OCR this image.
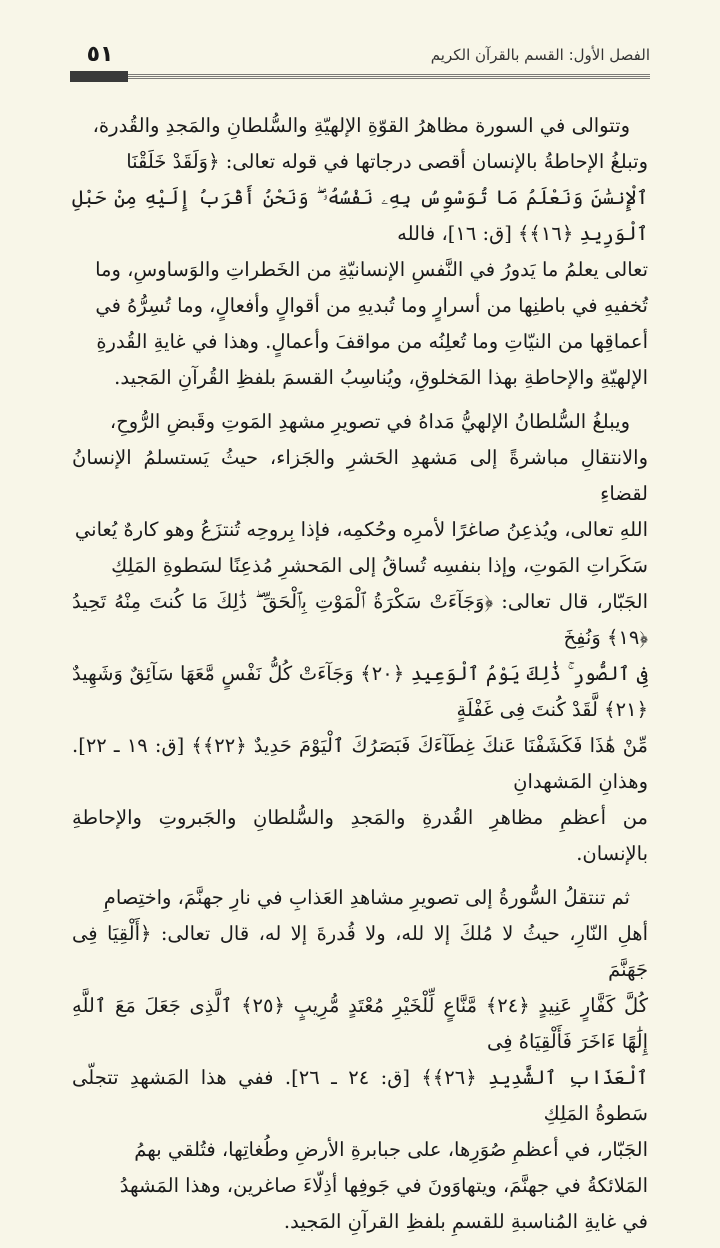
الفصل الأول: القسم بالقرآن الكريم
٥١

وتتوالى في السورة مظاهرُ القوّةِ الإلهيّةِ والسُّلطانِ والمَجدِ والقُدرة،
وتبلغُ الإحاطةُ بالإنسان أقصى درجاتها في قوله تعالى: ﴿وَلَقَدْ خَلَقْنَا
ٱلْإِنسَٰنَ وَنَعْلَمُ مَا تُوَسْوِسُ بِهِۦ نَفْسُهُۥ ۖ وَنَحْنُ أَقْرَبُ إِلَيْهِ مِنْ حَبْلِ ٱلْوَرِيدِ ﴿١٦﴾﴾ [ق: ١٦]، فالله
تعالى يعلمُ ما يَدورُ في النَّفسِ الإنسانيّةِ من الخَطراتِ والوَساوسِ، وما
تُخفيهِ في باطنِها من أسرارٍ وما تُبديهِ من أقوالٍ وأفعالٍ، وما تُسِرُّهُ في
أعماقِها من النيّاتِ وما تُعلِنُه من مواقفَ وأعمالٍ. وهذا في غايةِ القُدرةِ
الإلهيّةِ والإحاطةِ بهذا المَخلوقِ، ويُناسِبُ القسمَ بلفظِ القُرآنِ المَجيد.

ويبلغُ السُّلطانُ الإلهيُّ مَداهُ في تصويرِ مشهدِ المَوتِ وقَبضِ الرُّوحِ،
والانتقالِ مباشرةً إلى مَشهدِ الحَشرِ والجَزاء، حيثُ يَستسلمُ الإنسانُ لقضاءِ
اللهِ تعالى، ويُذعِنُ صاغرًا لأمرِه وحُكمِه، فإذا بِروحِه تُنتزَعُ وهو كارهٌ يُعاني
سَكَراتِ المَوتِ، وإذا بنفسِه تُساقُ إلى المَحشرِ مُذعِنًا لسَطوةِ المَلِكِ
الجَبّار، قال تعالى: ﴿وَجَآءَتْ سَكْرَةُ ٱلْمَوْتِ بِٱلْحَقِّ ۖ ذَٰلِكَ مَا كُنتَ مِنْهُ تَحِيدُ ﴿١٩﴾ وَنُفِخَ
فِى ٱلصُّورِ ۚ ذَٰلِكَ يَوْمُ ٱلْوَعِيدِ ﴿٢٠﴾ وَجَآءَتْ كُلُّ نَفْسٍ مَّعَهَا سَآئِقٌ وَشَهِيدٌ ﴿٢١﴾ لَّقَدْ كُنتَ فِى غَفْلَةٍ
مِّنْ هَٰذَا فَكَشَفْنَا عَنكَ غِطَآءَكَ فَبَصَرُكَ ٱلْيَوْمَ حَدِيدٌ ﴿٢٢﴾﴾ [ق: ١٩ ـ ٢٢]. وهذانِ المَشهدانِ
من أعظمِ مظاهرِ القُدرةِ والمَجدِ والسُّلطانِ والجَبروتِ والإحاطةِ بالإنسان.

ثم تنتقلُ السُّورةُ إلى تصويرِ مشاهدِ العَذابِ في نارِ جهنَّمَ، واختِصامِ
أهلِ النّارِ، حيثُ لا مُلكَ إلا لله، ولا قُدرةَ إلا له، قال تعالى: ﴿أَلْقِيَا فِى جَهَنَّمَ
كُلَّ كَفَّارٍ عَنِيدٍ ﴿٢٤﴾ مَّنَّاعٍ لِّلْخَيْرِ مُعْتَدٍ مُّرِيبٍ ﴿٢٥﴾ ٱلَّذِى جَعَلَ مَعَ ٱللَّهِ إِلَٰهًا ءَاخَرَ فَأَلْقِيَاهُ فِى
ٱلْعَذَابِ ٱلشَّدِيدِ ﴿٢٦﴾﴾ [ق: ٢٤ ـ ٢٦]. ففي هذا المَشهدِ تتجلّى سَطوةُ المَلِكِ
الجَبّار، في أعظمِ صُوَرِها، على جبابرةِ الأرضِ وطُغاتِها، فتُلقي بهمُ
المَلائكةُ في جهنَّمَ، ويتهاوَونَ في جَوفِها أذِلّاءَ صاغرين، وهذا المَشهدُ
في غايةِ المُناسبةِ للقسمِ بلفظِ القرآنِ المَجيد.
